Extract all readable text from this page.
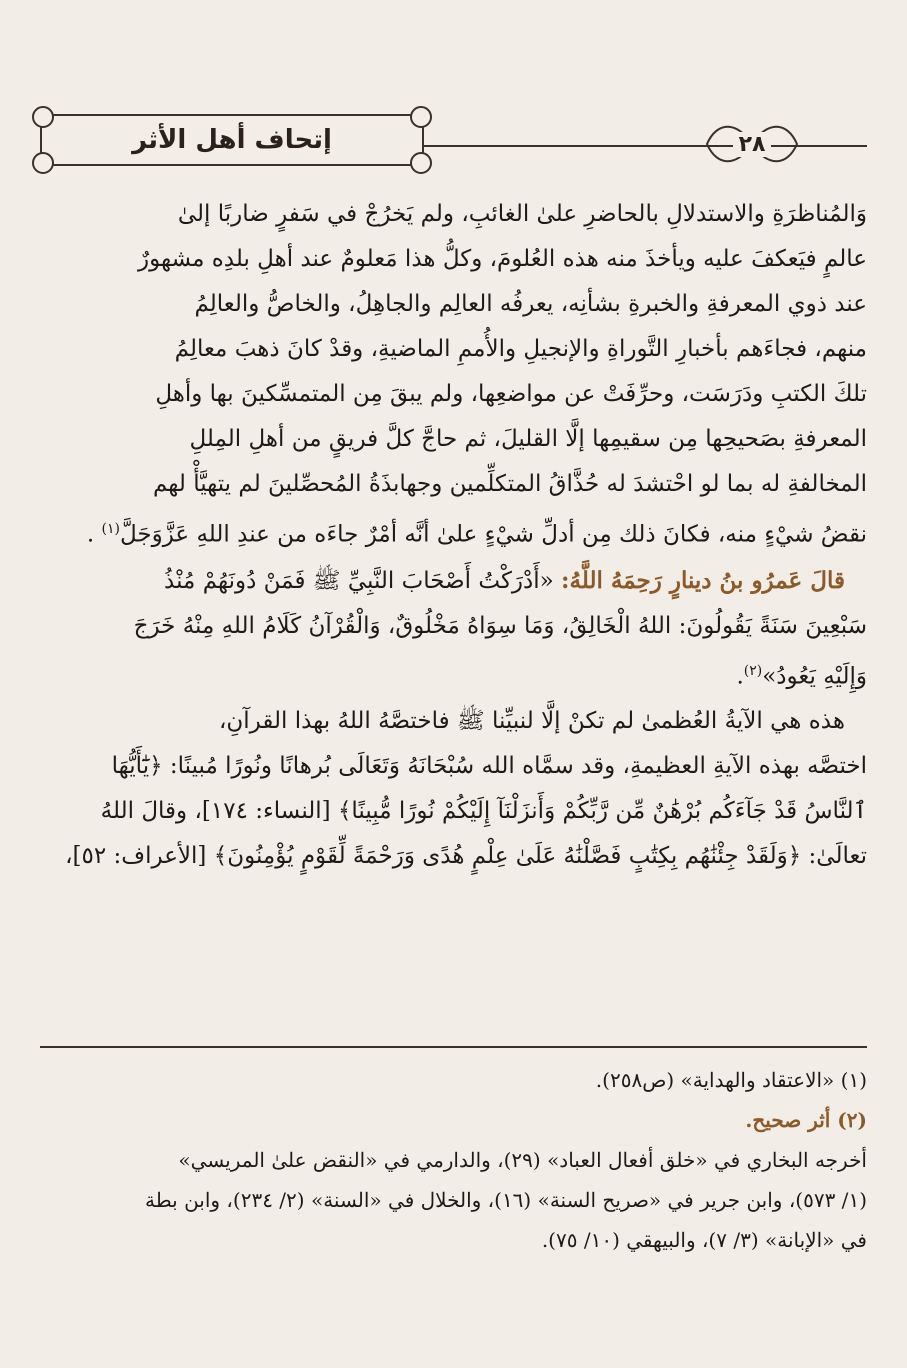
إتحاف أهل الأثر	٢٨

وَالمُناظرَةِ والاستدلالِ بالحاضرِ علىٰ الغائبِ، ولم يَخرُجْ في سَفرٍ ضاربًا إلىٰ

عالمٍ فيَعكفَ عليه ويأخذَ منه هذه العُلومَ، وكلُّ هذا مَعلومٌ عند أهلِ بلدِه مشهورٌ

عند ذوي المعرفةِ والخبرةِ بشأنِه، يعرفُه العالِم والجاهِلُ، والخاصُّ والعالِمُ

منهم، فجاءَهم بأخبارِ التَّوراةِ والإنجيلِ والأُممِ الماضيةِ، وقدْ كانَ ذهبَ معالِمُ

تلكَ الكتبِ ودَرَسَت، وحرِّفَتْ عن مواضعِها، ولم يبقَ مِن المتمسِّكينَ بها وأهلِ

المعرفةِ بصَحيحِها مِن سقيمِها إلَّا القليلَ، ثم حاجَّ كلَّ فريقٍ من أهلِ المِللِ

المخالفةِ له بما لو احْتشدَ له حُذَّاقُ المتكلِّمين وجهابذَةُ المُحصِّلينَ لم يتهيَّأْ لهم

نقضُ شيْءٍ منه، فكانَ ذلك مِن أدلِّ شيْءٍ علىٰ أنَّه أمْرٌ جاءَه من عندِ اللهِ عَزَّوَجَلَّ$^{(١)}$ .

قالَ عَمرُو بنُ دينارٍ رَحِمَهُ اللَّهُ: «أَدْرَكْتُ أَصْحَابَ النَّبِيِّ ﷺ فَمَنْ دُونَهُمْ مُنْذُ

سَبْعِينَ سَنَةً يَقُولُونَ: اللهُ الْخَالِقُ، وَمَا سِوَاهُ مَخْلُوقٌ، وَالْقُرْآنُ كَلَامُ اللهِ مِنْهُ خَرَجَ

وَإِلَيْهِ يَعُودُ»$^{(٢)}$.

هذه هي الآيةُ العُظمىٰ لم تكنْ إلَّا لنبيِّنا ﷺ فاختصَّهُ اللهُ بهذا القرآنِ،

اختصَّه بهذه الآيةِ العظيمةِ، وقد سمَّاه الله سُبْحَانَهُ وَتَعَالَى بُرهانًا ونُورًا مُبينًا: ﴿يَٰٓأَيُّهَا

ٱلنَّاسُ قَدْ جَآءَكُم بُرْهَٰنٌ مِّن رَّبِّكُمْ وَأَنزَلْنَآ إِلَيْكُمْ نُورًا مُّبِينًا﴾ [النساء: ١٧٤]، وقالَ اللهُ

تعالَىٰ: ﴿وَلَقَدْ جِئْنَٰهُم بِكِتَٰبٍ فَصَّلْنَٰهُ عَلَىٰ عِلْمٍ هُدًى وَرَحْمَةً لِّقَوْمٍ يُؤْمِنُونَ﴾ [الأعراف: ٥٢]،

(١) «الاعتقاد والهداية» (ص٢٥٨).

(٢) أثر صحيح.

أخرجه البخاري في «خلق أفعال العباد» (٢٩)، والدارمي في «النقض علىٰ المريسي»

(١/ ٥٧٣)، وابن جرير في «صريح السنة» (١٦)، والخلال في «السنة» (٢/ ٢٣٤)، وابن بطة

في «الإبانة» (٣/ ٧)، والبيهقي (١٠/ ٧٥).
